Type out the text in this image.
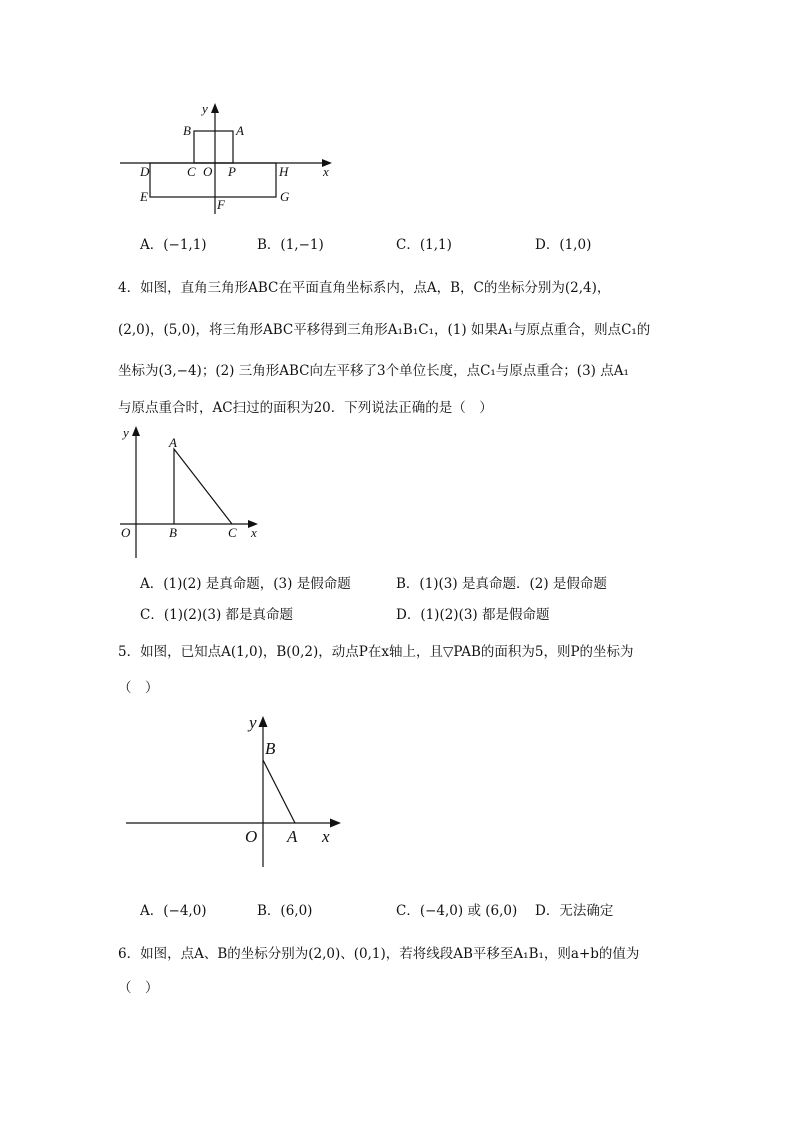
y
x
B	A
C O P
D	H
E	G
F
A．(−1,1)	B．(1,−1)	C．(1,1)	D．(1,0)
4．如图，直角三角形ABC在平面直角坐标系内，点A，B，C的坐标分别为(2,4)，
(2,0)，(5,0)，将三角形ABC平移得到三角形A₁B₁C₁，(1) 如果A₁与原点重合，则点C₁的
坐标为(3,−4)；(2) 三角形ABC向左平移了3个单位长度，点C₁与原点重合；(3) 点A₁
与原点重合时，AC扫过的面积为20．下列说法正确的是（　）
y
x
A
O	B	C
A．(1)(2) 是真命题，(3) 是假命题	B．(1)(3) 是真命题．(2) 是假命题
C．(1)(2)(3) 都是真命题	D．(1)(2)(3) 都是假命题
5．如图，已知点A(1,0)，B(0,2)，动点P在x轴上，且▽PAB的面积为5，则P的坐标为
（　）
y
x
B
O A
A．(−4,0)	B．(6,0)	C．(−4,0) 或 (6,0) D．无法确定
6．如图，点A、B的坐标分别为(2,0)、(0,1)，若将线段AB平移至A₁B₁，则a+b的值为
（　）
